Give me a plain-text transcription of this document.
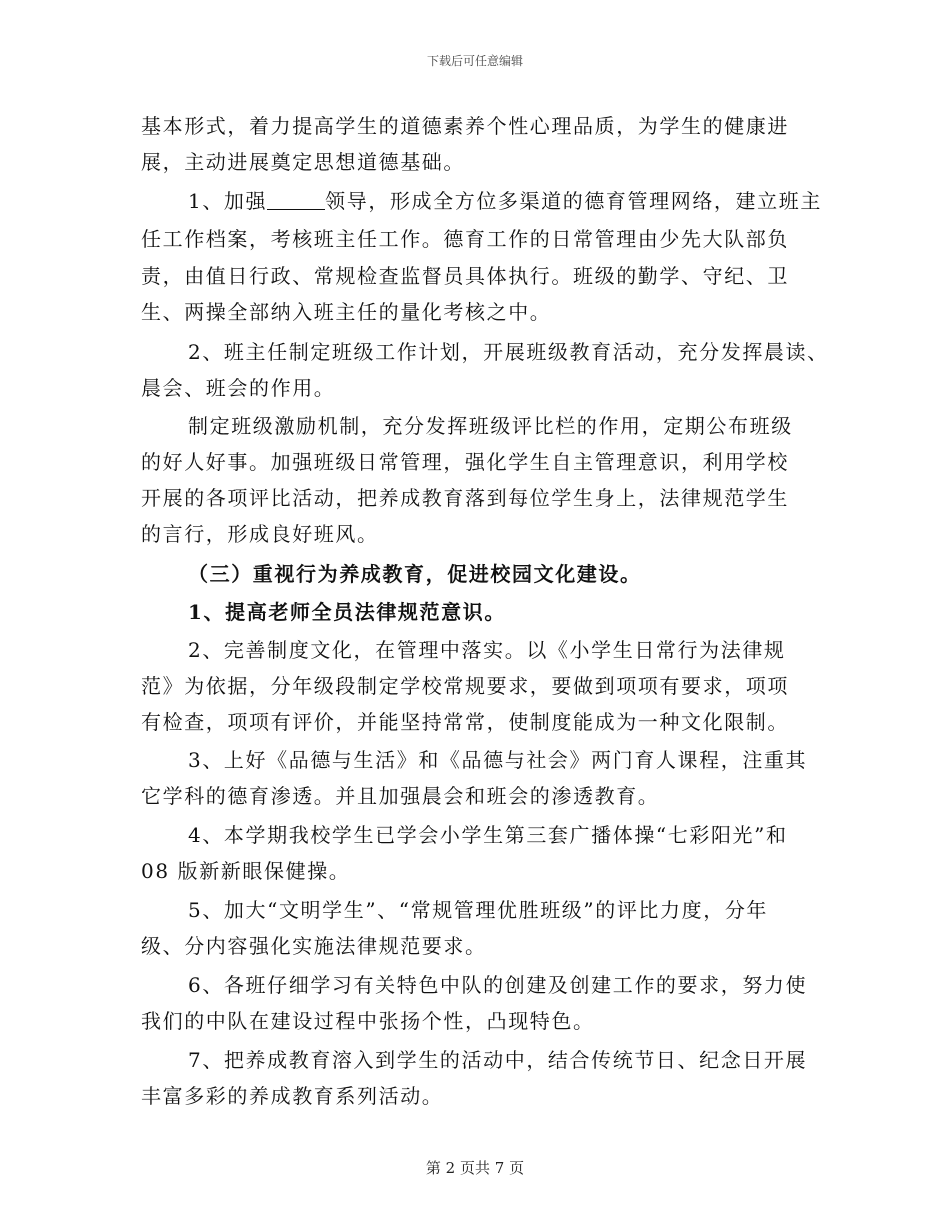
下载后可任意编辑
基本形式，着力提高学生的道德素养个性心理品质，为学生的健康进
展，主动进展奠定思想道德基础。
1、加强	领导，形成全方位多渠道的德育管理网络，建立班主
任工作档案，考核班主任工作。德育工作的日常管理由少先大队部负
责，由值日行政、常规检查监督员具体执行。班级的勤学、守纪、卫
生、两操全部纳入班主任的量化考核之中。
2、班主任制定班级工作计划，开展班级教育活动，充分发挥晨读、
晨会、班会的作用。
制定班级激励机制，充分发挥班级评比栏的作用，定期公布班级
的好人好事。加强班级日常管理，强化学生自主管理意识，利用学校
开展的各项评比活动，把养成教育落到每位学生身上，法律规范学生
的言行，形成良好班风。
（三）重视行为养成教育，促进校园文化建设。
1、提高老师全员法律规范意识。
2、完善制度文化，在管理中落实。以《小学生日常行为法律规
范》为依据，分年级段制定学校常规要求，要做到项项有要求，项项
有检查，项项有评价，并能坚持常常，使制度能成为一种文化限制。
3、上好《品德与生活》和《品德与社会》两门育人课程，注重其
它学科的德育渗透。并且加强晨会和班会的渗透教育。
4、本学期我校学生已学会小学生第三套广播体操“七彩阳光”和
08 版新新眼保健操。
5、加大“文明学生”、“常规管理优胜班级”的评比力度，分年
级、分内容强化实施法律规范要求。
6、各班仔细学习有关特色中队的创建及创建工作的要求，努力使
我们的中队在建设过程中张扬个性，凸现特色。
7、把养成教育溶入到学生的活动中，结合传统节日、纪念日开展
丰富多彩的养成教育系列活动。
第 2 页共 7 页
